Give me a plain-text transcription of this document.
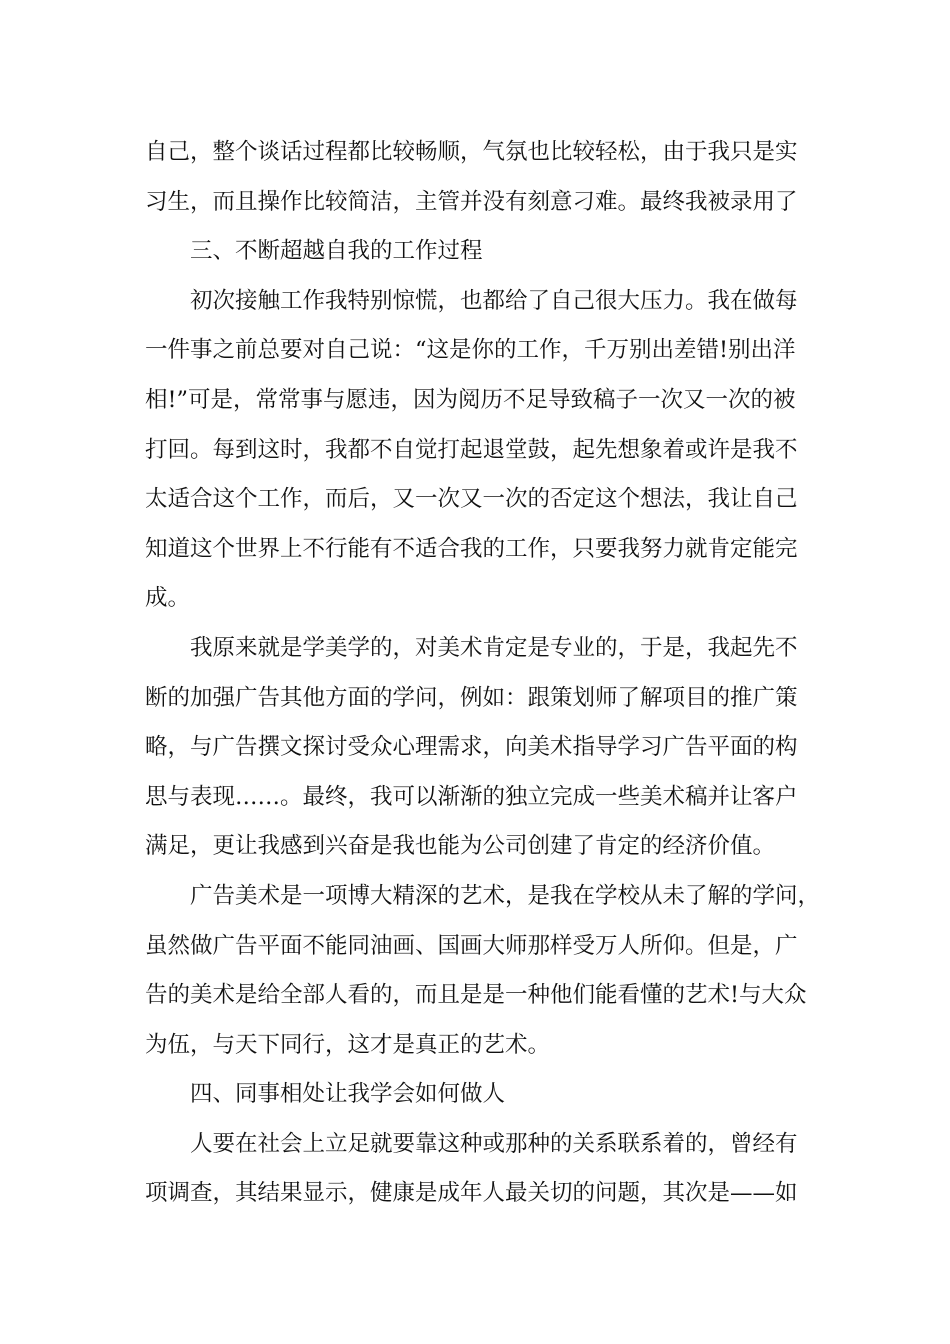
自己，整个谈话过程都比较畅顺，气氛也比较轻松，由于我只是实
习生，而且操作比较简洁，主管并没有刻意刁难。最终我被录用了
三、不断超越自我的工作过程
初次接触工作我特别惊慌，也都给了自己很大压力。我在做每
一件事之前总要对自己说：“这是你的工作，千万别出差错!别出洋
相!”可是，常常事与愿违，因为阅历不足导致稿子一次又一次的被
打回。每到这时，我都不自觉打起退堂鼓，起先想象着或许是我不
太适合这个工作，而后，又一次又一次的否定这个想法，我让自己
知道这个世界上不行能有不适合我的工作，只要我努力就肯定能完
成。
我原来就是学美学的，对美术肯定是专业的，于是，我起先不
断的加强广告其他方面的学问，例如：跟策划师了解项目的推广策
略，与广告撰文探讨受众心理需求，向美术指导学习广告平面的构
思与表现……。最终，我可以渐渐的独立完成一些美术稿并让客户
满足，更让我感到兴奋是我也能为公司创建了肯定的经济价值。
广告美术是一项博大精深的艺术，是我在学校从未了解的学问，
虽然做广告平面不能同油画、国画大师那样受万人所仰。但是，广
告的美术是给全部人看的，而且是是一种他们能看懂的艺术!与大众
为伍，与天下同行，这才是真正的艺术。
四、同事相处让我学会如何做人
人要在社会上立足就要靠这种或那种的关系联系着的，曾经有
项调查，其结果显示，健康是成年人最关切的问题，其次是——如
